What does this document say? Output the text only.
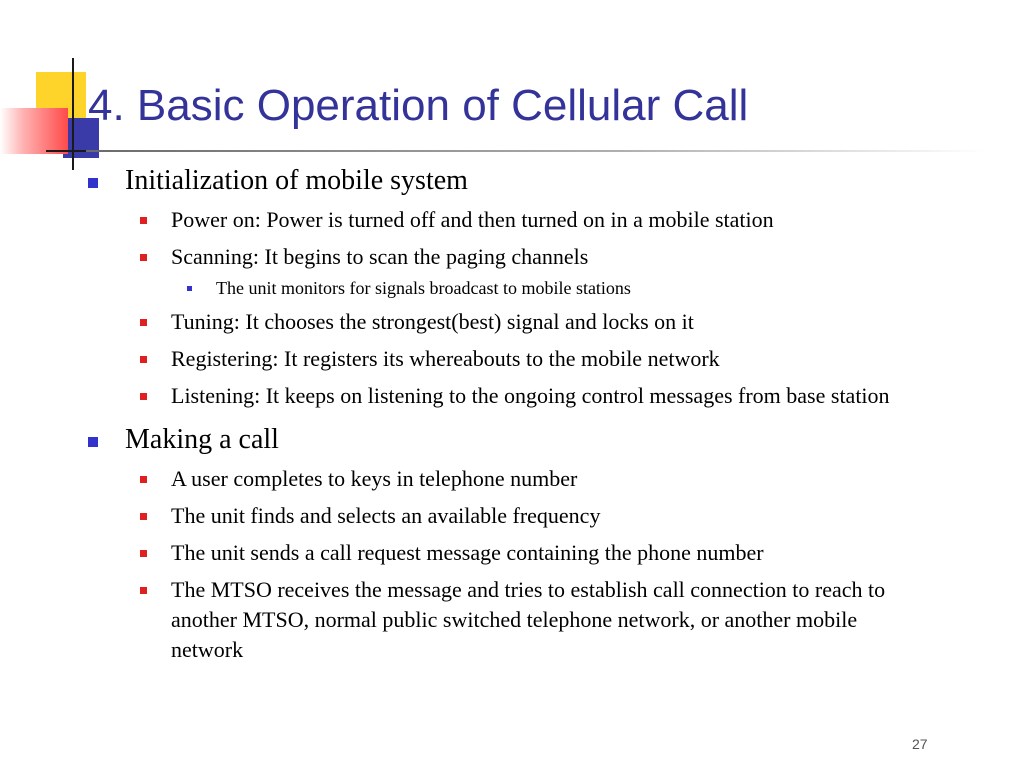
4. Basic Operation of Cellular Call
Initialization of mobile system
Power on: Power is turned off and then turned on in a mobile station
Scanning: It begins to scan the paging channels
The unit monitors for signals broadcast to mobile stations
Tuning: It chooses the strongest(best) signal and locks on it
Registering: It registers its whereabouts to the mobile network
Listening: It keeps on listening to the ongoing control messages from base station
Making a call
A user completes to keys in telephone number
The unit finds and selects an available frequency
The unit sends a call request message containing the phone number
The MTSO receives the message and tries to establish call connection to reach to another MTSO, normal public switched telephone network, or another mobile network
27
